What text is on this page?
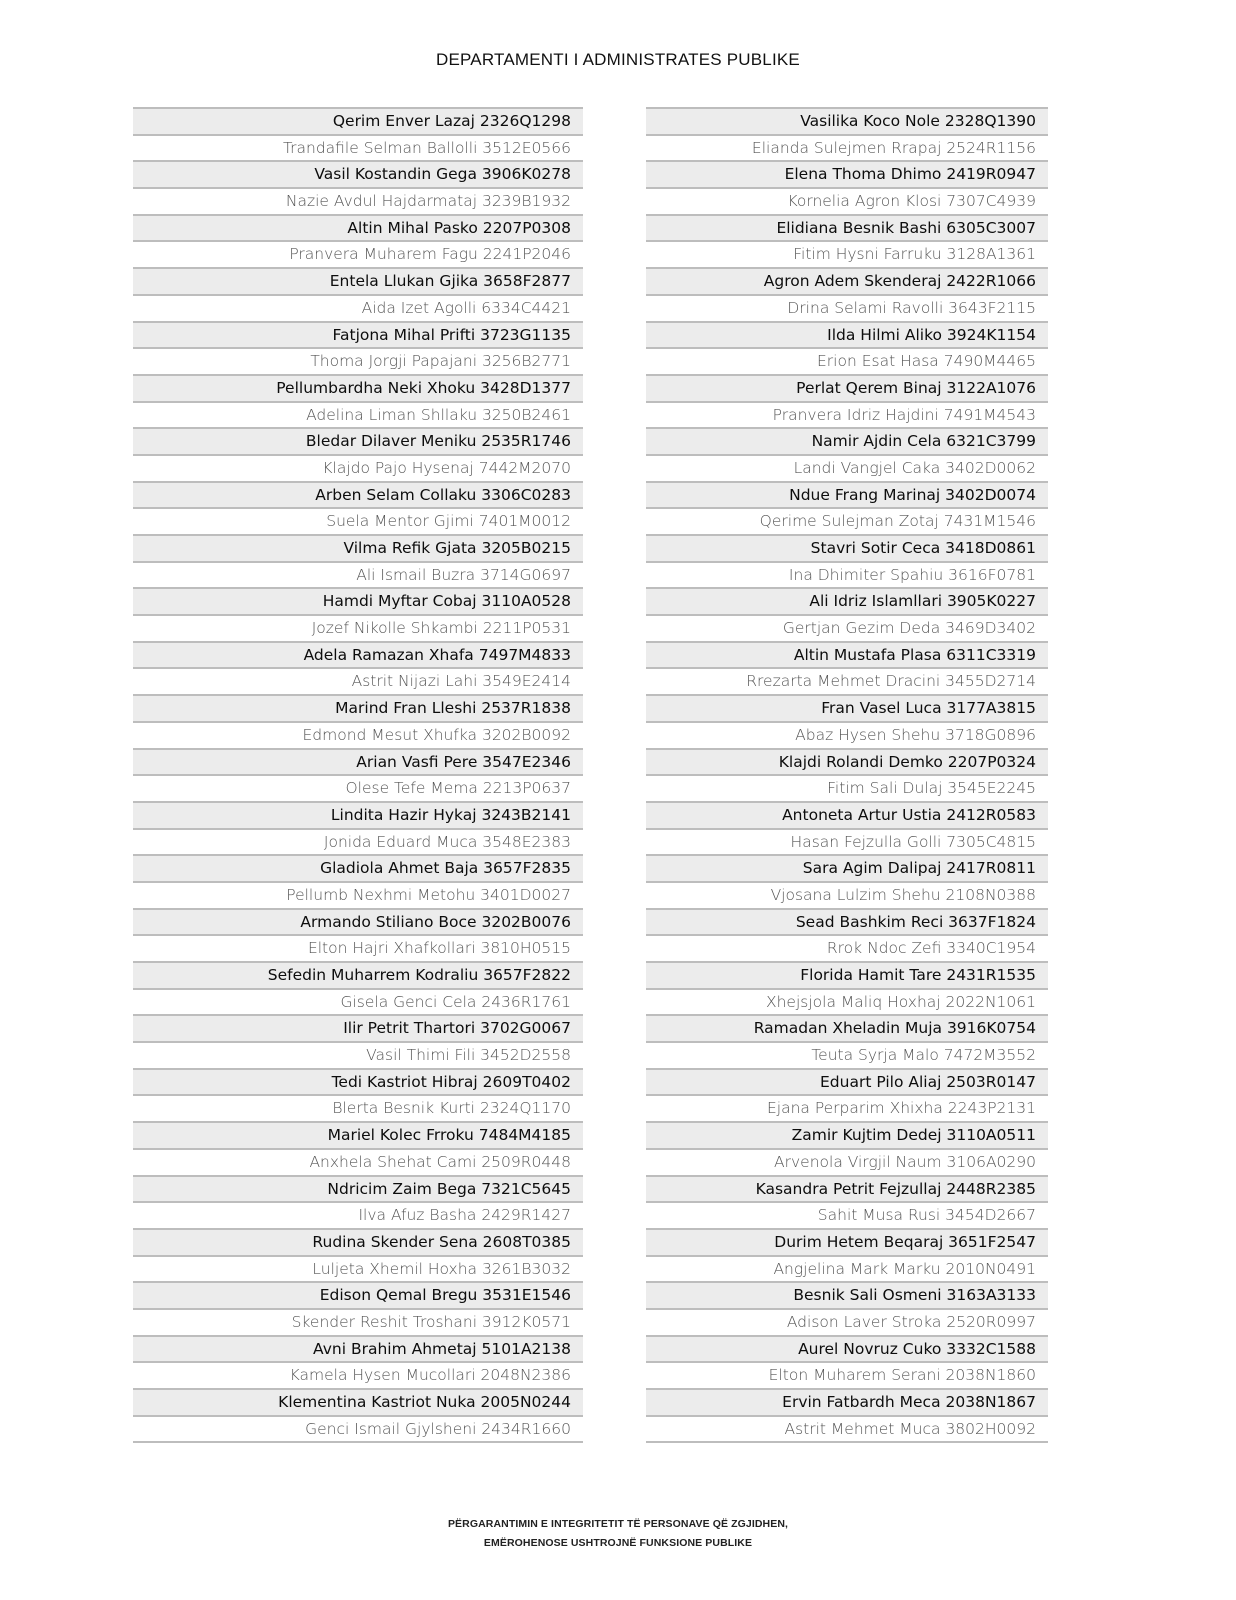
DEPARTAMENTI I ADMINISTRATES PUBLIKE
Qerim Enver Lazaj 2326Q1298
Trandafile Selman Ballolli 3512E0566
Vasil Kostandin Gega 3906K0278
Nazie Avdul Hajdarmataj 3239B1932
Altin Mihal Pasko 2207P0308
Pranvera Muharem Fagu 2241P2046
Entela Llukan Gjika 3658F2877
Aida Izet Agolli 6334C4421
Fatjona Mihal Prifti 3723G1135
Thoma Jorgji Papajani 3256B2771
Pellumbardha Neki Xhoku 3428D1377
Adelina Liman Shllaku 3250B2461
Bledar Dilaver Meniku 2535R1746
Klajdo Pajo Hysenaj 7442M2070
Arben Selam Collaku 3306C0283
Suela Mentor Gjimi 7401M0012
Vilma Refik Gjata 3205B0215
Ali Ismail Buzra 3714G0697
Hamdi Myftar Cobaj 3110A0528
Jozef Nikolle Shkambi 2211P0531
Adela Ramazan Xhafa 7497M4833
Astrit Nijazi Lahi 3549E2414
Marind Fran Lleshi 2537R1838
Edmond Mesut Xhufka 3202B0092
Arian Vasfi Pere 3547E2346
Olese Tefe Mema 2213P0637
Lindita Hazir Hykaj 3243B2141
Jonida Eduard Muca 3548E2383
Gladiola Ahmet Baja 3657F2835
Pellumb Nexhmi Metohu 3401D0027
Armando Stiliano Boce 3202B0076
Elton Hajri Xhafkollari 3810H0515
Sefedin Muharrem Kodraliu 3657F2822
Gisela Genci Cela 2436R1761
Ilir Petrit Thartori 3702G0067
Vasil Thimi Fili 3452D2558
Tedi Kastriot Hibraj 2609T0402
Blerta Besnik Kurti 2324Q1170
Mariel Kolec Frroku 7484M4185
Anxhela Shehat Cami 2509R0448
Ndricim Zaim Bega 7321C5645
Ilva Afuz Basha 2429R1427
Rudina Skender Sena 2608T0385
Luljeta Xhemil Hoxha 3261B3032
Edison Qemal Bregu 3531E1546
Skender Reshit Troshani 3912K0571
Avni Brahim Ahmetaj 5101A2138
Kamela Hysen Mucollari 2048N2386
Klementina Kastriot Nuka 2005N0244
Genci Ismail Gjylsheni 2434R1660
Vasilika Koco Nole 2328Q1390
Elianda Sulejmen Rrapaj 2524R1156
Elena Thoma Dhimo 2419R0947
Kornelia Agron Klosi 7307C4939
Elidiana Besnik Bashi 6305C3007
Fitim Hysni Farruku 3128A1361
Agron Adem Skenderaj 2422R1066
Drina Selami Ravolli 3643F2115
Ilda Hilmi Aliko 3924K1154
Erion Esat Hasa 7490M4465
Perlat Qerem Binaj 3122A1076
Pranvera Idriz Hajdini 7491M4543
Namir Ajdin Cela 6321C3799
Landi Vangjel Caka 3402D0062
Ndue Frang Marinaj 3402D0074
Qerime Sulejman Zotaj 7431M1546
Stavri Sotir Ceca 3418D0861
Ina Dhimiter Spahiu 3616F0781
Ali Idriz Islamllari 3905K0227
Gertjan Gezim Deda 3469D3402
Altin Mustafa Plasa 6311C3319
Rrezarta Mehmet Dracini 3455D2714
Fran Vasel Luca 3177A3815
Abaz Hysen Shehu 3718G0896
Klajdi Rolandi Demko 2207P0324
Fitim Sali Dulaj 3545E2245
Antoneta Artur Ustia 2412R0583
Hasan Fejzulla Golli 7305C4815
Sara Agim Dalipaj 2417R0811
Vjosana Lulzim Shehu 2108N0388
Sead Bashkim Reci 3637F1824
Rrok Ndoc Zefi 3340C1954
Florida Hamit Tare 2431R1535
Xhejsjola Maliq Hoxhaj 2022N1061
Ramadan Xheladin Muja 3916K0754
Teuta Syrja Malo 7472M3552
Eduart Pilo Aliaj 2503R0147
Ejana Perparim Xhixha 2243P2131
Zamir Kujtim Dedej 3110A0511
Arvenola Virgjil Naum 3106A0290
Kasandra Petrit Fejzullaj 2448R2385
Sahit Musa Rusi 3454D2667
Durim Hetem Beqaraj 3651F2547
Angjelina Mark Marku 2010N0491
Besnik Sali Osmeni 3163A3133
Adison Laver Stroka 2520R0997
Aurel Novruz Cuko 3332C1588
Elton Muharem Serani 2038N1860
Ervin Fatbardh Meca 2038N1867
Astrit Mehmet Muca 3802H0092
PËRGARANTIMIN E INTEGRITETIT TË PERSONAVE QË ZGJIDHEN,
EMËROHENOSE USHTROJNË FUNKSIONE PUBLIKE
